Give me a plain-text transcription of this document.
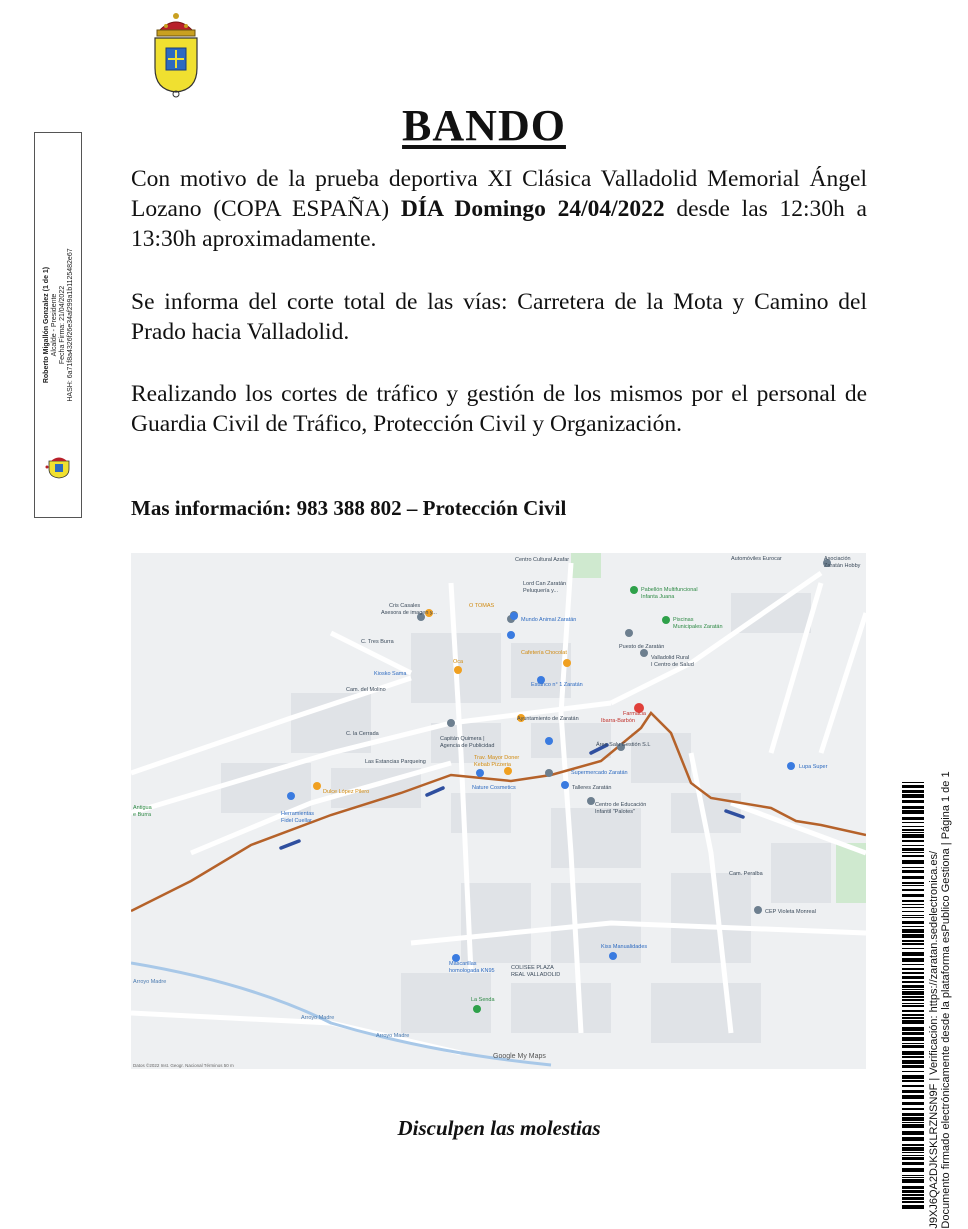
Roberto Migallón Gonzalez (1 de 1) Alcalde - Presidente Fecha Firma: 21/04/2022 HASH: 6a71f8a4326f26e34af299a1b1125482e67
BANDO
Con motivo de la prueba deportiva XI Clásica Valladolid Memorial Ángel Lozano (COPA ESPAÑA) DÍA Domingo 24/04/2022 desde las 12:30h a 13:30h aproximadamente.
Se informa del corte total de las vías: Carretera de la Mota y Camino del Prado hacia Valladolid.
Realizando los cortes de tráfico y gestión de los mismos por el personal de Guardia Civil de Tráfico, Protección Civil y Organización.
Mas información: 983 388 802 – Protección Civil
Centro Cultural Azafar
Lord Can Zaratán
Peluquería y...	Pabellón Multifuncional
Infanta Juana
Automóviles Eurocar	Asociación
Zaratán Hobby
Cris Casales
Asesora de imagen y...
O TOMAS
Mundo Animal Zaratán	Piscinas
Municipales Zaratán
Puesto de Zaratán
Cafetería Chocolat
Valladolid Rural
I Centro de Salud
Kiosko Sama
Oca
Estanco n° 1 Zaratán
Farmacia
Ibarra-Barbón
C. Tres Burra
Cam. del Molino
C. la Cerrada
Ayuntamiento de Zaratán
Capitán Quimera |
Agencia de Publicidad	Área Salu Gestión S.L
Las Estancias Parqueing
Trav. Mayor Doner
Kebab Pizzeria
Supermercado Zaratán
Nature Cosmetics	Talleres Zaratán
Centro de Educación
Infantil "Palotes"
Lupa Super
Antigua
e Burra	Herramientas
Fidel Cuellar
Dulce López Pilero
Cam. Peralba
CEP Violeta Monreal
Mascarillas
homologada KN95	COLISEE PLAZA
REAL VALLADOLID
Kiss Manualidades
La Senda
Arroyo Madre
Arroyo Madre
Arroyo Madre
Google My Maps
Datos ©2022 Inst. Geogr. Nacional Términos 50 m
Disculpen las molestias	J9XJ6QA2DJKSKLRZNSN9F | Verificación: https://zaratan.sedelectronica.es/ Documento firmado electrónicamente desde la plataforma esPublico Gestiona | Página 1 de 1
